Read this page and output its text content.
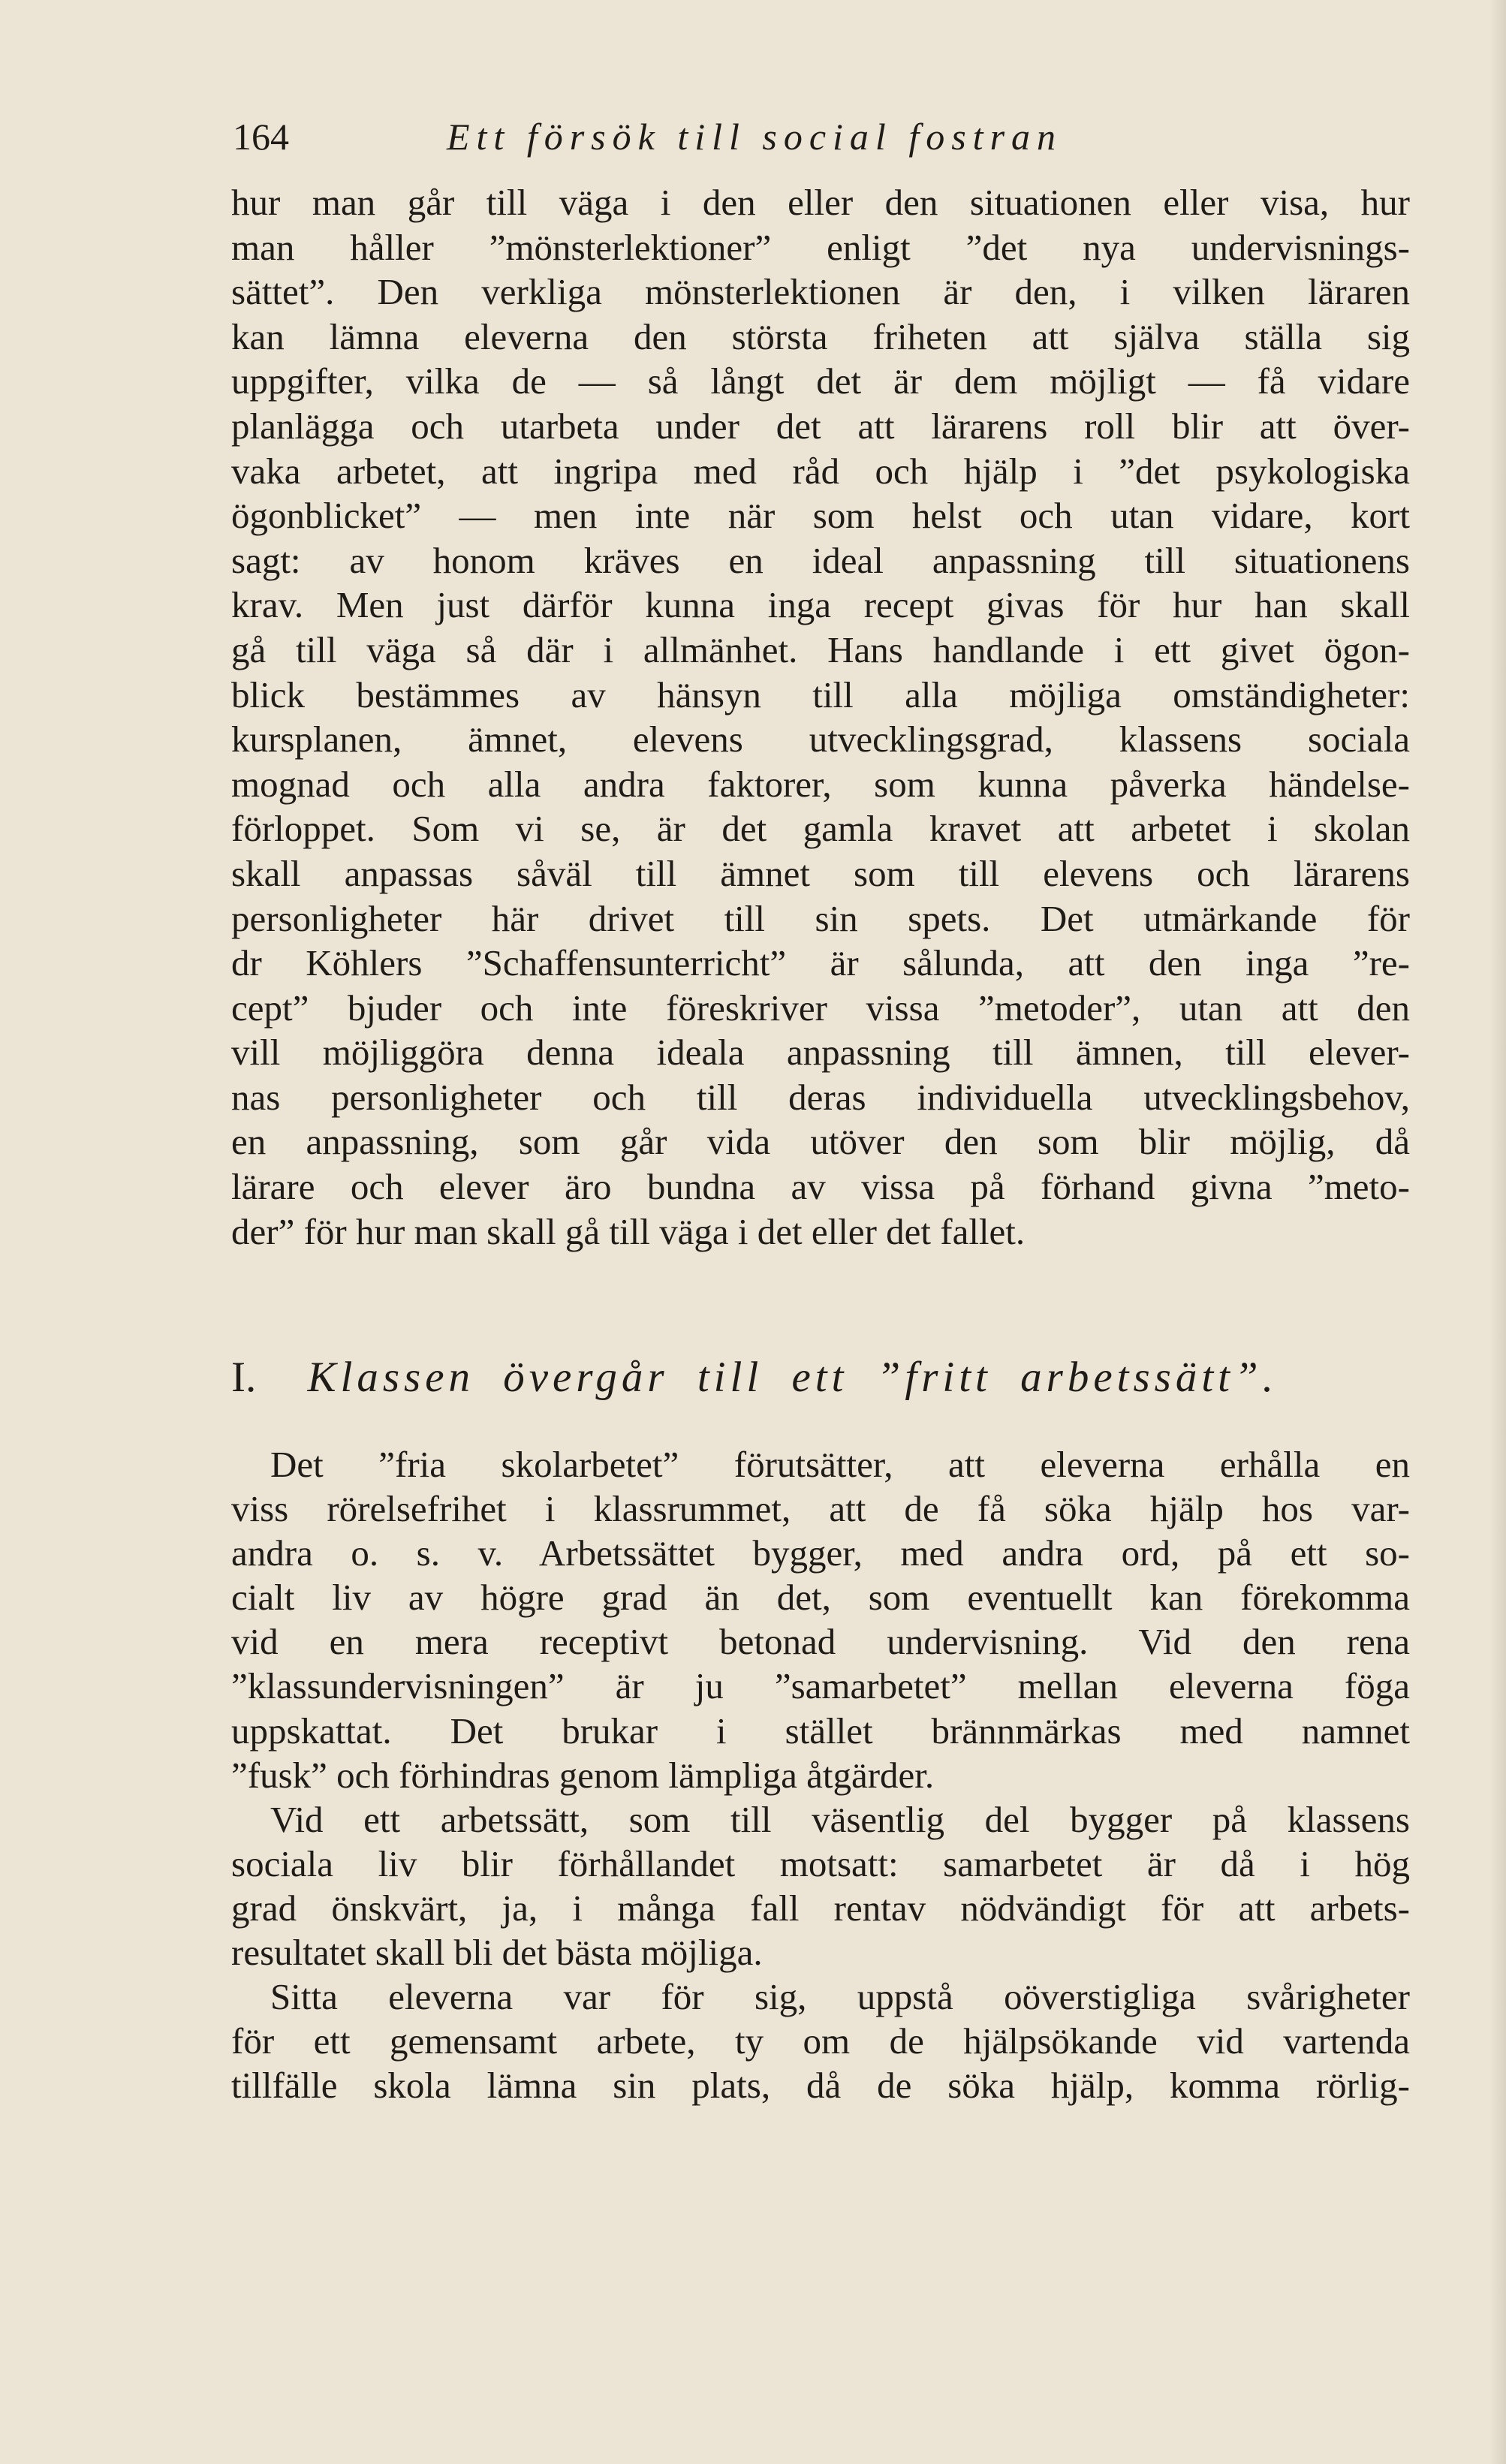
164	Ett försök till social fostran
hur man går till väga i den eller den situationen eller visa, hur
man håller ”mönsterlektioner” enligt ”det nya undervisnings-
sättet”. Den verkliga mönsterlektionen är den, i vilken läraren
kan lämna eleverna den största friheten att själva ställa sig
uppgifter, vilka de — så långt det är dem möjligt — få vidare
planlägga och utarbeta under det att lärarens roll blir att över-
vaka arbetet, att ingripa med råd och hjälp i ”det psykologiska
ögonblicket” — men inte när som helst och utan vidare, kort
sagt: av honom kräves en ideal anpassning till situationens
krav. Men just därför kunna inga recept givas för hur han skall
gå till väga så där i allmänhet. Hans handlande i ett givet ögon-
blick bestämmes av hänsyn till alla möjliga omständigheter:
kursplanen, ämnet, elevens utvecklingsgrad, klassens sociala
mognad och alla andra faktorer, som kunna påverka händelse-
förloppet. Som vi se, är det gamla kravet att arbetet i skolan
skall anpassas såväl till ämnet som till elevens och lärarens
personligheter här drivet till sin spets. Det utmärkande för
dr Köhlers ”Schaffensunterricht” är sålunda, att den inga ”re-
cept” bjuder och inte föreskriver vissa ”metoder”, utan att den
vill möjliggöra denna ideala anpassning till ämnen, till elever-
nas personligheter och till deras individuella utvecklingsbehov,
en anpassning, som går vida utöver den som blir möjlig, då
lärare och elever äro bundna av vissa på förhand givna ”meto-
der” för hur man skall gå till väga i det eller det fallet.
I. Klassen övergår till ett ”fritt arbetssätt”.
Det ”fria skolarbetet” förutsätter, att eleverna erhålla en
viss rörelsefrihet i klassrummet, att de få söka hjälp hos var-
andra o. s. v. Arbetssättet bygger, med andra ord, på ett so-
cialt liv av högre grad än det, som eventuellt kan förekomma
vid en mera receptivt betonad undervisning. Vid den rena
”klassundervisningen” är ju ”samarbetet” mellan eleverna föga
uppskattat. Det brukar i stället brännmärkas med namnet
”fusk” och förhindras genom lämpliga åtgärder.
Vid ett arbetssätt, som till väsentlig del bygger på klassens
sociala liv blir förhållandet motsatt: samarbetet är då i hög
grad önskvärt, ja, i många fall rentav nödvändigt för att arbets-
resultatet skall bli det bästa möjliga.
Sitta eleverna var för sig, uppstå oöverstigliga svårigheter
för ett gemensamt arbete, ty om de hjälpsökande vid vartenda
tillfälle skola lämna sin plats, då de söka hjälp, komma rörlig-
